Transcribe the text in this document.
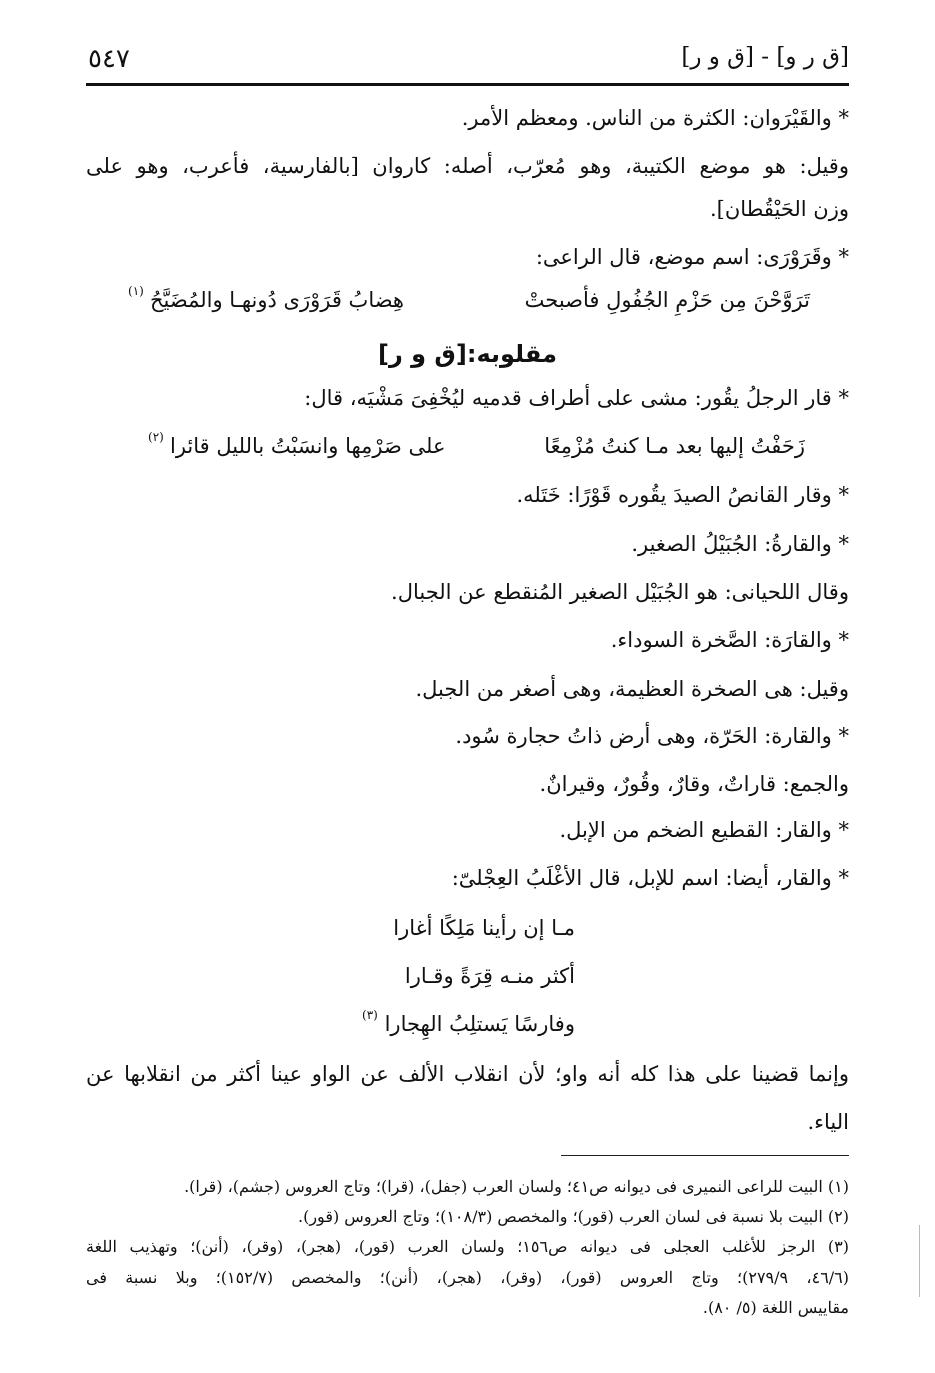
[ق ر و] - [ق و ر]
٥٤٧
* والقَيْرَوان: الكثرة من الناس. ومعظم الأمر.
وقيل: هو موضع الكتيبة، وهو مُعرّب، أصله: كاروان [بالفارسية، فأعرب، وهو على
وزن الحَيْقُطان].
* وقَرَوْرَى: اسم موضع، قال الراعى:
تَرَوَّحْنَ مِن حَزْمِ الجُفُولِ فأصبحتْ
هِضابُ قَرَوْرَى دُونهـا والمُضَيَّحُ
(١)
مقلوبه:[ق و ر]
* قار الرجلُ يقُور: مشى على أطراف قدميه ليُخْفِىَ مَشْيَه، قال:
زَحَفْتُ إليها بعد مـا كنتُ مُزْمِعًا
على صَرْمِها وانسَبْتُ بالليل قائرا
(٢)
* وقار القانصُ الصيدَ يقُوره قَوْرًا: خَتَله.
* والقارةُ: الجُبَيْلُ الصغير.
وقال اللحيانى: هو الجُبَيْل الصغير المُنقطع عن الجبال.
* والقارَة: الصَّخرة السوداء.
وقيل: هى الصخرة العظيمة، وهى أصغر من الجبل.
* والقارة: الحَرّة، وهى أرض ذاتُ حجارة سُود.
والجمع: قاراتٌ، وقارٌ، وقُورٌ، وقيرانٌ.
* والقار: القطيع الضخم من الإبل.
* والقار، أيضا: اسم للإبل، قال الأغْلَبُ العِجْلىّ:
مـا إن رأينا مَلِكًا أغارا
أكثر منـه قِرَةً وقـارا
وفارسًا يَستلِبُ الهِجارا
(٣)
وإنما قضينا على هذا كله أنه واو؛ لأن انقلاب الألف عن الواو عينا أكثر من انقلابها عن
الياء.
(١) البيت للراعى النميرى فى ديوانه ص٤١؛ ولسان العرب (جفل)، (قرا)؛ وتاج العروس (جشم)، (قرا).
(٢) البيت بلا نسبة فى لسان العرب (قور)؛ والمخصص (١٠٨/٣)؛ وتاج العروس (قور).
(٣) الرجز للأغلب العجلى فى ديوانه ص١٥٦؛ ولسان العرب (قور)، (هجر)، (وقر)، (أنن)؛ وتهذيب اللغة
(٤٦/٦، ٢٧٩/٩)؛ وتاج العروس (قور)، (وقر)، (هجر)، (أنن)؛ والمخصص (١٥٢/٧)؛ وبلا نسبة فى
مقاييس اللغة (٥/ ٨٠).
